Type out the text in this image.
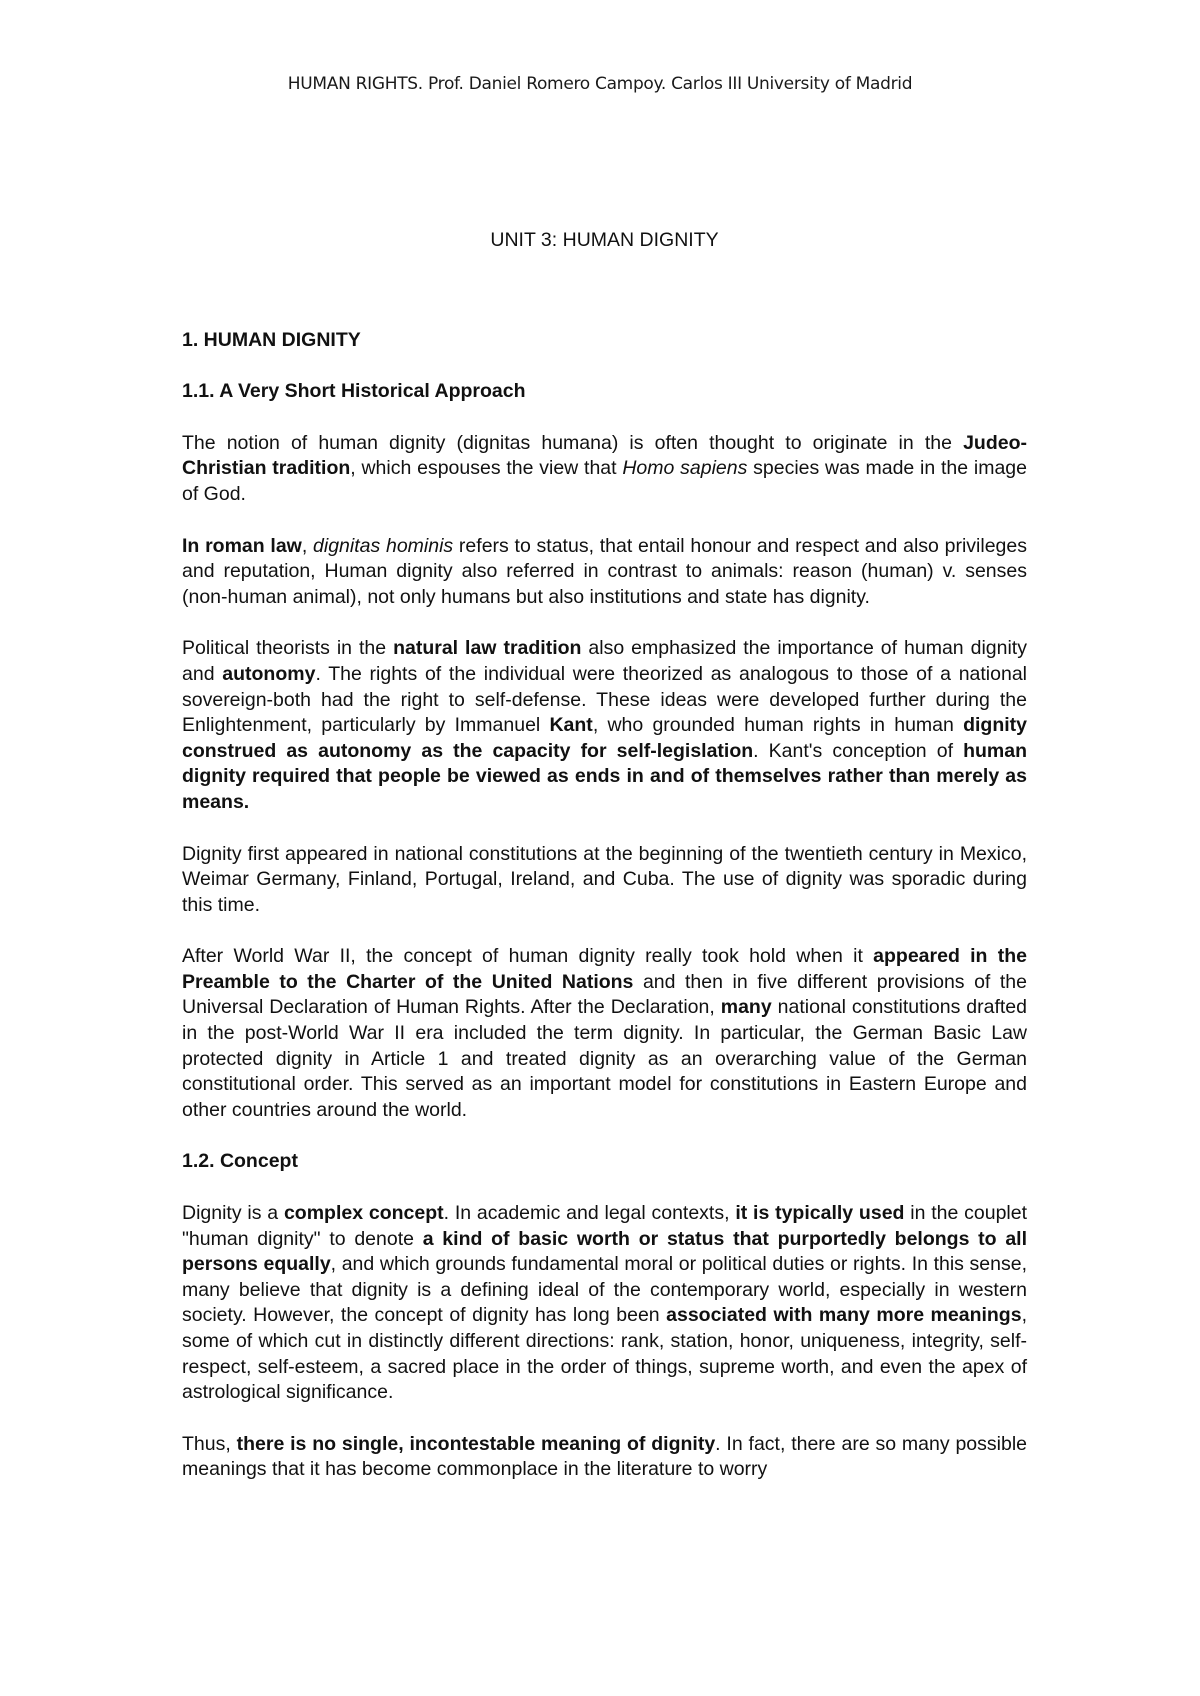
HUMAN RIGHTS. Prof. Daniel Romero Campoy. Carlos III University of Madrid
UNIT 3: HUMAN DIGNITY
1. HUMAN DIGNITY
1.1. A Very Short Historical Approach

The notion of human dignity (dignitas humana) is often thought to originate in the Judeo-Christian tradition, which espouses the view that Homo sapiens species was made in the image of God.

In roman law, dignitas hominis refers to status, that entail honour and respect and also privileges and reputation, Human dignity also referred in contrast to animals: reason (human) v. senses (non-human animal), not only humans but also institutions and state has dignity.

Political theorists in the natural law tradition also emphasized the importance of human dignity and autonomy. The rights of the individual were theorized as analogous to those of a national sovereign-both had the right to self-defense. These ideas were developed further during the Enlightenment, particularly by Immanuel Kant, who grounded human rights in human dignity construed as autonomy as the capacity for self-legislation. Kant's conception of human dignity required that people be viewed as ends in and of themselves rather than merely as means.

Dignity first appeared in national constitutions at the beginning of the twentieth century in Mexico, Weimar Germany, Finland, Portugal, Ireland, and Cuba. The use of dignity was sporadic during this time.

After World War II, the concept of human dignity really took hold when it appeared in the Preamble to the Charter of the United Nations and then in five different provisions of the Universal Declaration of Human Rights. After the Declaration, many national constitutions drafted in the post-World War II era included the term dignity. In particular, the German Basic Law protected dignity in Article 1 and treated dignity as an overarching value of the German constitutional order. This served as an important model for constitutions in Eastern Europe and other countries around the world.

1.2. Concept

Dignity is a complex concept. In academic and legal contexts, it is typically used in the couplet "human dignity" to denote a kind of basic worth or status that purportedly belongs to all persons equally, and which grounds fundamental moral or political duties or rights. In this sense, many believe that dignity is a defining ideal of the contemporary world, especially in western society. However, the concept of dignity has long been associated with many more meanings, some of which cut in distinctly different directions: rank, station, honor, uniqueness, integrity, self-respect, self-esteem, a sacred place in the order of things, supreme worth, and even the apex of astrological significance.

Thus, there is no single, incontestable meaning of dignity. In fact, there are so many possible meanings that it has become commonplace in the literature to worry
